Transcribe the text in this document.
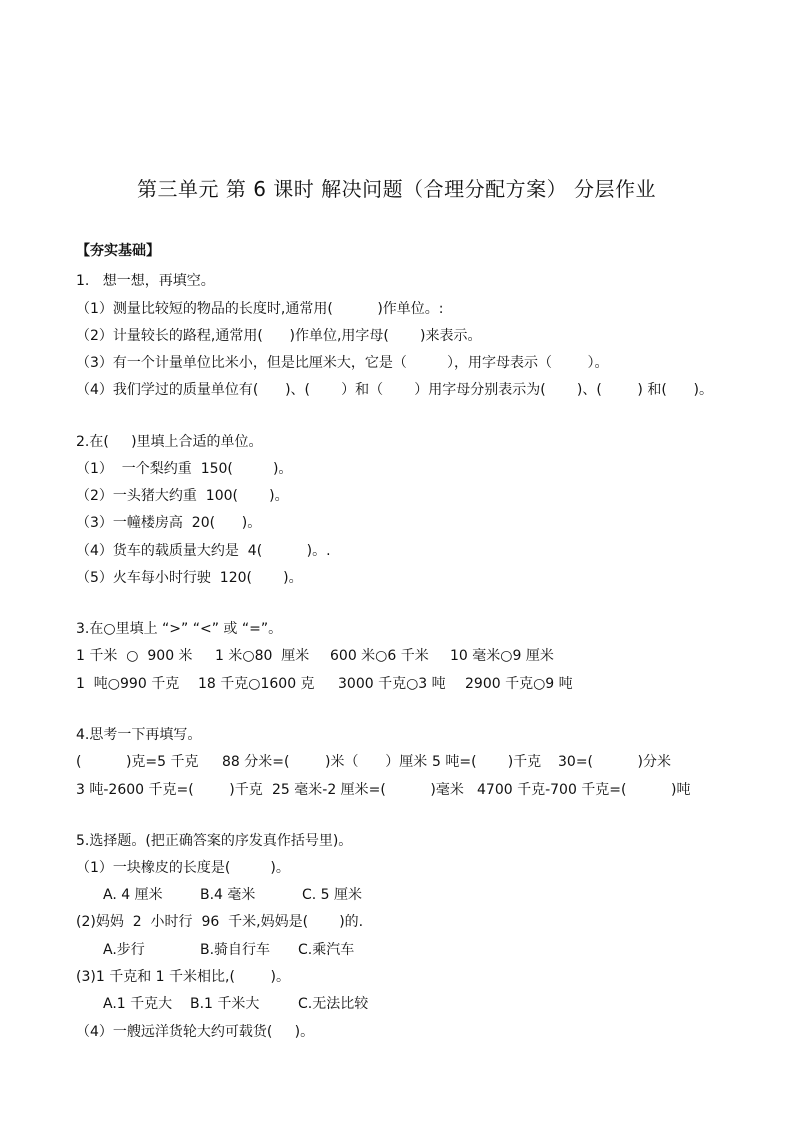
第三单元 第 6 课时 解决问题（合理分配方案） 分层作业
【夯实基础】
1.   想一想，再填空。
（1）测量比较短的物品的长度时,通常用(          )作单位。:
（2）计量较长的路程,通常用(      )作单位,用字母(       )来表示。
（3）有一个计量单位比米小，但是比厘米大，它是（         ），用字母表示（        ）。
（4）我们学过的质量单位有(      )、(       ）和（       ）用字母分别表示为(       )、(        ) 和(      )。
2.在(     )里填上合适的单位。
（1）  一个梨约重  150(         )。
（2）一头猪大约重  100(       )。
（3）一幢楼房高  20(      )。
（4）货车的载质量大约是  4(          )。.
（5）火车每小时行驶  120(       )。
3.在○里填上 “>” “<” 或 “=”。
1 千米  ○  900 米 1 米○80  厘米 600 米○6 千米 10 毫米○9 厘米
1  吨○990 千克 18 千克○1600 克 3000 千克○3 吨 2900 千克○9 吨
4.思考一下再填写。
(          )克=5 千克 88 分米=(        )米（      ）厘米 5 吨=(       )千克 30=(          )分米
3 吨-2600 千克=(        )千克 25 毫米-2 厘米=(          )毫米 4700 千克-700 千克=(          )吨
5.选择题。(把正确答案的序发真作括号里)。
（1）一块橡皮的长度是(         )。
A. 4 厘米	B.4 毫米	C. 5 厘米
(2)妈妈  2  小时行  96  千米,妈妈是(       )的.
A.步行	B.骑自行车 C.乘汽车
(3)1 千克和 1 千米相比,(        )。
A.1 千克大 B.1 千米大	C.无法比较
（4）一艘远洋货轮大约可载货(     )。
